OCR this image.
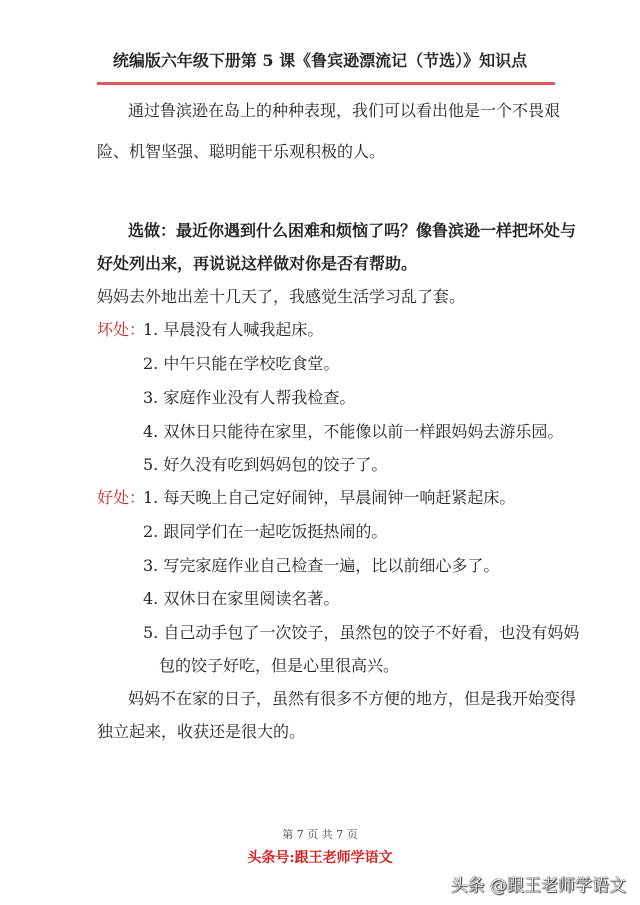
统编版六年级下册第 5 课《鲁宾逊漂流记（节选）》知识点
通过鲁滨逊在岛上的种种表现，我们可以看出他是一个不畏艰
险、机智坚强、聪明能干乐观积极的人。
选做：最近你遇到什么困难和烦恼了吗？像鲁滨逊一样把坏处与
好处列出来，再说说这样做对你是否有帮助。
妈妈去外地出差十几天了，我感觉生活学习乱了套。
坏处：
1. 早晨没有人喊我起床。
2. 中午只能在学校吃食堂。
3. 家庭作业没有人帮我检查。
4. 双休日只能待在家里，不能像以前一样跟妈妈去游乐园。
5. 好久没有吃到妈妈包的饺子了。
好处：
1. 每天晚上自己定好闹钟，早晨闹钟一响赶紧起床。
2. 跟同学们在一起吃饭挺热闹的。
3. 写完家庭作业自己检查一遍，比以前细心多了。
4. 双休日在家里阅读名著。
5. 自己动手包了一次饺子，虽然包的饺子不好看，也没有妈妈
包的饺子好吃，但是心里很高兴。
妈妈不在家的日子，虽然有很多不方便的地方，但是我开始变得
独立起来，收获还是很大的。
第 7 页 共 7 页
头条号:跟王老师学语文
头条 @跟王老师学语文
